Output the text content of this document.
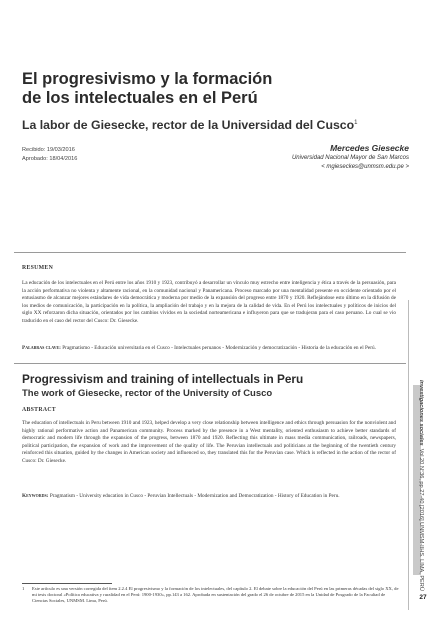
El progresivismo y la formación
de los intelectuales en el Perú
La labor de Giesecke, rector de la Universidad del Cusco$^1$
Recibido: 19/03/2016
Aprobado: 18/04/2016
Mercedes Giesecke
Universidad Nacional Mayor de San Marcos
< mgieseckes@unmsm.edu.pe >
RESUMEN

La educación de los intelectuales en el Perú entre los años 1910 y 1923, contribuyó a desarrollar un vínculo muy estrecho entre inteligencia y ética a través de la persuasión, para la acción performativa no violenta y altamente racional, en la comunidad nacional y Panamericana. Proceso marcado por una mentalidad presente en occidente orientado por el entusiasmo de alcanzar mejores estándares de vida democrática y moderna por medio de la expansión del progreso entre 1870 y 1920. Reflejándose esto último en la difusión de los medios de comunicación, la participación en la política, la ampliación del trabajo y en la mejora de la calidad de vida. En el Perú los intelectuales y políticos de inicios del siglo XX reforzaron dicha situación, orientados por los cambios vividos en la sociedad norteamericana e influyeron para que se tradujeran para el caso peruano. Lo cual se vio traducido en el caso del rector del Cusco: Dr. Giesecke.

Palabras clave: Pragmatismo - Educación universitaria en el Cusco - Intelectuales peruanos - Modernización y democratización - Historia de la educación en el Perú.

Progressivism and training of intellectuals in Peru
The work of Giesecke, rector of the University of Cusco
ABSTRACT

The education of intellectuals in Peru between 1910 and 1923, helped develop a very close relationship between intelligence and ethics through persuasion for the nonviolent and highly rational performative action and Panamerican community. Process marked by the presence in a West mentality, oriented enthusiasm to achieve better standards of democratic and modern life through the expansion of the progress, between 1870 and 1920. Reflecting this ultimate in mass media communication, railroads, newspapers, political participation, the expansion of work and the improvement of the quality of life. The Peruvian intellectuals and politicians at the beginning of the twentieth century reinforced this situation, guided by the changes in American society and influenced so, they translated this for the Peruvian case. Which is reflected in the action of the rector of Cusco: Dr. Giesecke.

Keywords: Pragmatism - University education in Cusco - Peruvian Intellectuals - Modernization and Democratization - History of Education in Peru.

1	Este artículo es una versión corregida del ítem 2.2.4 El progresivismo y la formación de los intelectuales, del capítulo 2. El debate sobre la educación del Perú en las primeras décadas del siglo XX, de mi tesis doctoral «Política educativa y ruralidad en el Perú: 1900-1930», pp.143 a 162. Aprobada en sustentación del grado el 26 de octubre de 2015 en la Unidad de Posgrado de la Facultad de Ciencias Sociales, UNMSM. Lima, Perú.

investigaciones sociales  Vol.20 N°36, pp.27-40 [2016] UNMSM-IIHS. LIMA, PERÚ
27
